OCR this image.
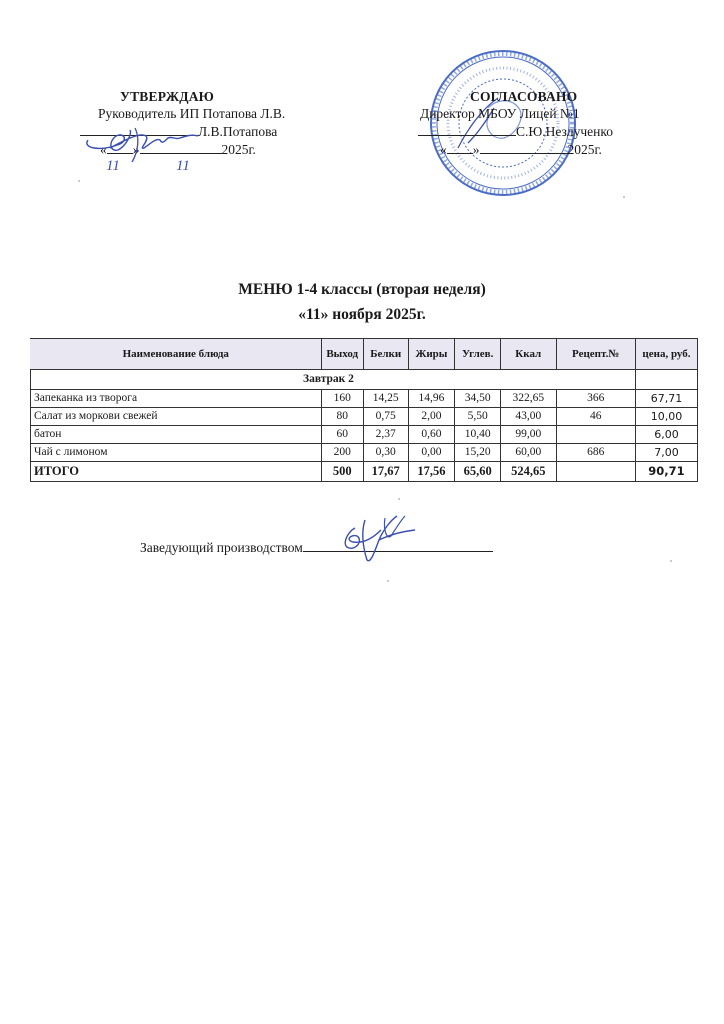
УТВЕРЖДАЮ
Руководитель ИП Потапова Л.В.
Л.В.Потапова
« »	2025г.
11	11
СОГЛАСОВАНО
Директор МБОУ Лицей №1
С.Ю.Незлученко
« »	2025г.
МЕНЮ 1-4 классы (вторая неделя)
«11» ноября 2025г.
Наименование блюда	Выход	Белки	Жиры	Углев.	Ккал	Рецепт.№	цена, руб.
Завтрак 2							
Запеканка из творога	160	14,25	14,96	34,50	322,65	366	67,71
Салат из моркови свежей	80	0,75	2,00	5,50	43,00	46	10,00
батон	60	2,37	0,60	10,40	99,00		6,00
Чай с лимоном	200	0,30	0,00	15,20	60,00	686	7,00
ИТОГО	500	17,67	17,56	65,60	524,65		90,71
Заведующий производством
